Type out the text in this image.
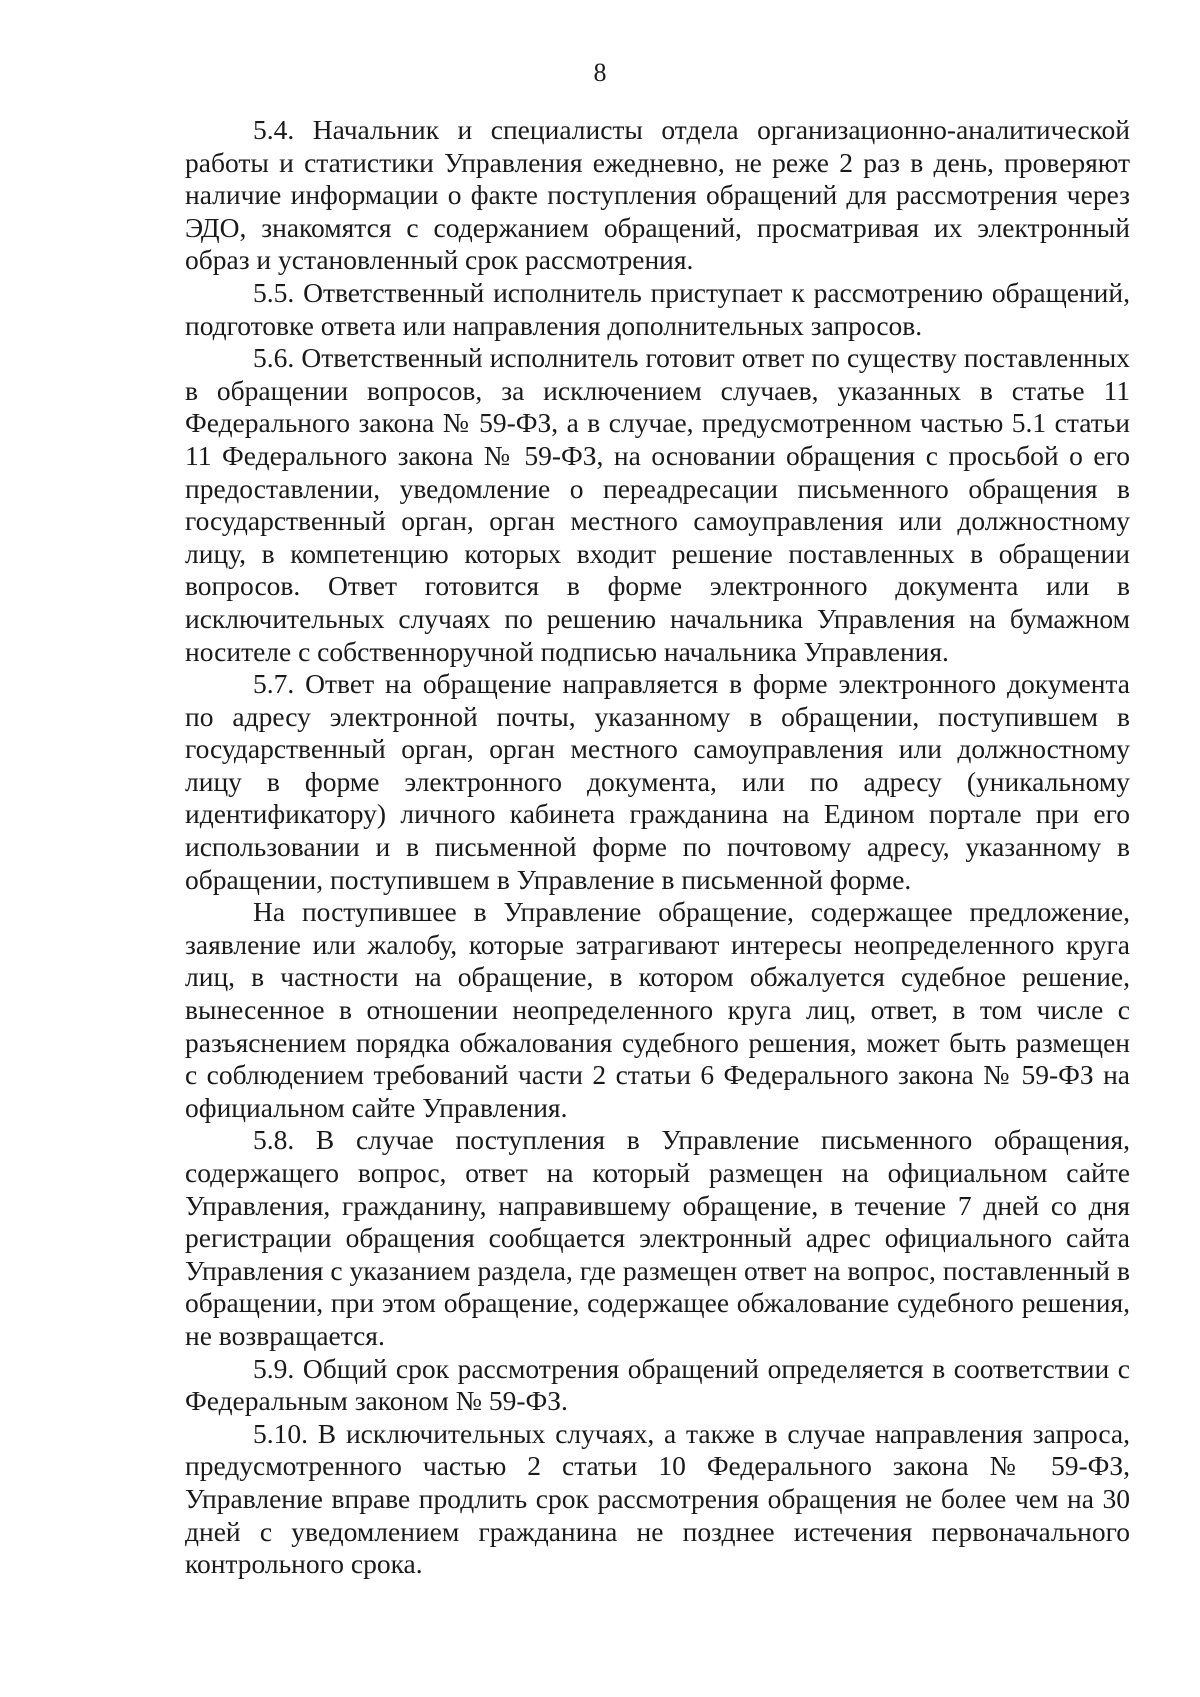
8

5.4. Начальник и специалисты отдела организационно-аналитической работы и статистики Управления ежедневно, не реже 2 раз в день, проверяют наличие информации о факте поступления обращений для рассмотрения через ЭДО, знакомятся с содержанием обращений, просматривая их электронный образ и установленный срок рассмотрения.

5.5. Ответственный исполнитель приступает к рассмотрению обращений, подготовке ответа или направления дополнительных запросов.

5.6. Ответственный исполнитель готовит ответ по существу поставленных в обращении вопросов, за исключением случаев, указанных в статье 11 Федерального закона № 59-ФЗ, а в случае, предусмотренном частью 5.1 статьи 11 Федерального закона № 59-ФЗ, на основании обращения с просьбой о его предоставлении, уведомление о переадресации письменного обращения в государственный орган, орган местного самоуправления или должностному лицу, в компетенцию которых входит решение поставленных в обращении вопросов. Ответ готовится в форме электронного документа или в исключительных случаях по решению начальника Управления на бумажном носителе с собственноручной подписью начальника Управления.

5.7. Ответ на обращение направляется в форме электронного документа по адресу электронной почты, указанному в обращении, поступившем в государственный орган, орган местного самоуправления или должностному лицу в форме электронного документа, или по адресу (уникальному идентификатору) личного кабинета гражданина на Едином портале при его использовании и в письменной форме по почтовому адресу, указанному в обращении, поступившем в Управление в письменной форме.

На поступившее в Управление обращение, содержащее предложение, заявление или жалобу, которые затрагивают интересы неопределенного круга лиц, в частности на обращение, в котором обжалуется судебное решение, вынесенное в отношении неопределенного круга лиц, ответ, в том числе с разъяснением порядка обжалования судебного решения, может быть размещен с соблюдением требований части 2 статьи 6 Федерального закона № 59-ФЗ на официальном сайте Управления.

5.8. В случае поступления в Управление письменного обращения, содержащего вопрос, ответ на который размещен на официальном сайте Управления, гражданину, направившему обращение, в течение 7 дней со дня регистрации обращения сообщается электронный адрес официального сайта Управления с указанием раздела, где размещен ответ на вопрос, поставленный в обращении, при этом обращение, содержащее обжалование судебного решения, не возвращается.

5.9. Общий срок рассмотрения обращений определяется в соответствии с Федеральным законом № 59-ФЗ.

5.10. В исключительных случаях, а также в случае направления запроса, предусмотренного частью 2 статьи 10 Федерального закона № 59-ФЗ, Управление вправе продлить срок рассмотрения обращения не более чем на 30 дней с уведомлением гражданина не позднее истечения первоначального контрольного срока.
